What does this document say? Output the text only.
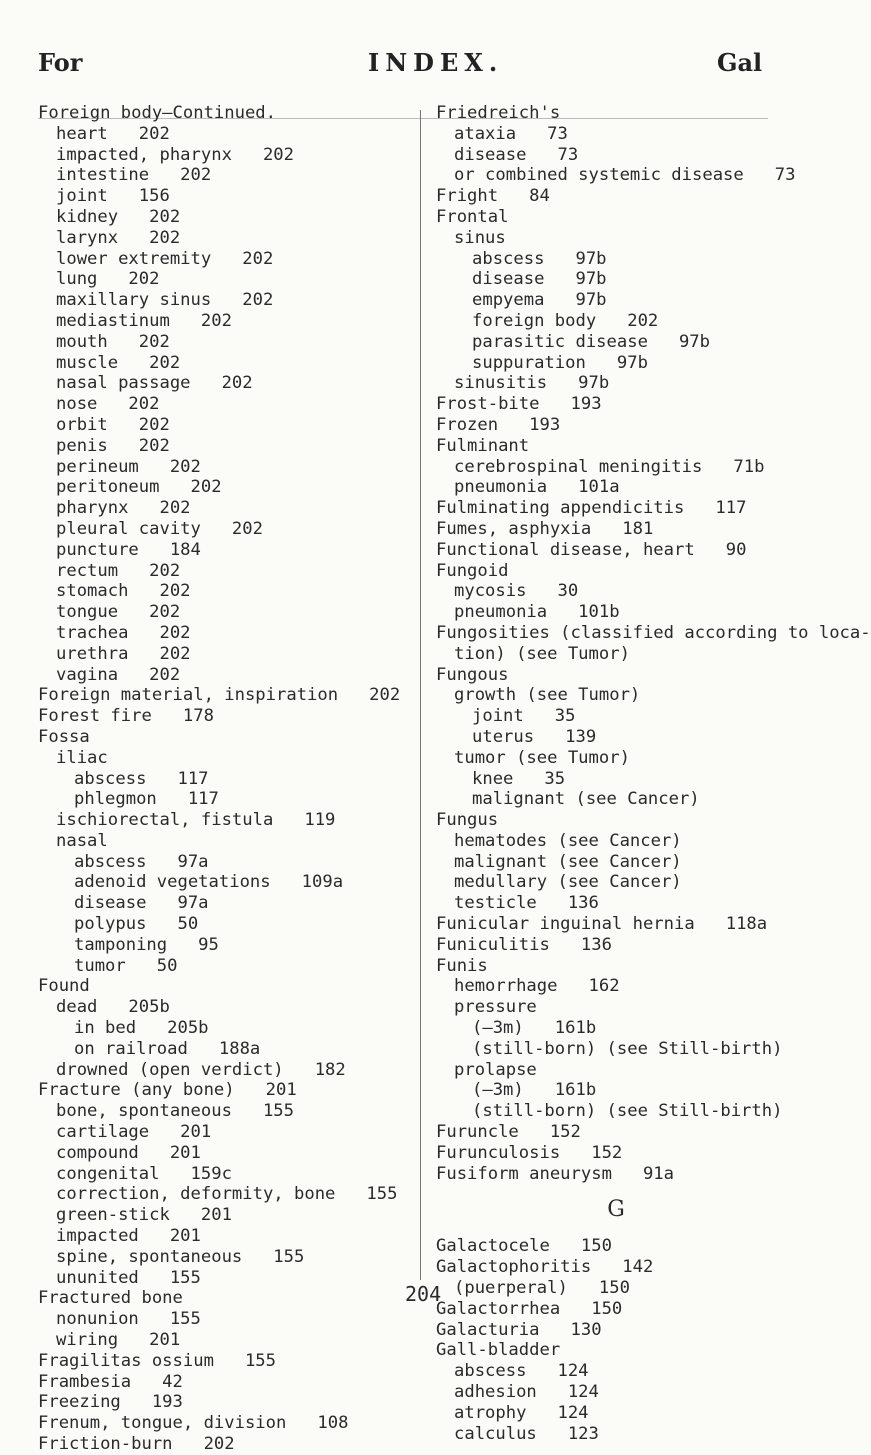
For	INDEX.	Gal
Foreign body—Continued.
heart   202
impacted, pharynx   202
intestine   202
joint   156
kidney   202
larynx   202
lower extremity   202
lung   202
maxillary sinus   202
mediastinum   202
mouth   202
muscle   202
nasal passage   202
nose   202
orbit   202
penis   202
perineum   202
peritoneum   202
pharynx   202
pleural cavity   202
puncture   184
rectum   202
stomach   202
tongue   202
trachea   202
urethra   202
vagina   202
Foreign material, inspiration   202
Forest fire   178
Fossa
iliac
abscess   117
phlegmon   117
ischiorectal, fistula   119
nasal
abscess   97a
adenoid vegetations   109a
disease   97a
polypus   50
tamponing   95
tumor   50
Found
dead   205b
in bed   205b
on railroad   188a
drowned (open verdict)   182
Fracture (any bone)   201
bone, spontaneous   155
cartilage   201
compound   201
congenital   159c
correction, deformity, bone   155
green-stick   201
impacted   201
spine, spontaneous   155
ununited   155
Fractured bone
nonunion   155
wiring   201
Fragilitas ossium   155
Frambesia   42
Freezing   193
Frenum, tongue, division   108
Friction-burn   202
Friedreich's
ataxia   73
disease   73
or combined systemic disease   73
Fright   84
Frontal
sinus
abscess   97b
disease   97b
empyema   97b
foreign body   202
parasitic disease   97b
suppuration   97b
sinusitis   97b
Frost-bite   193
Frozen   193
Fulminant
cerebrospinal meningitis   71b
pneumonia   101a
Fulminating appendicitis   117
Fumes, asphyxia   181
Functional disease, heart   90
Fungoid
mycosis   30
pneumonia   101b
Fungosities (classified according to loca-
tion) (see Tumor)
Fungous
growth (see Tumor)
joint   35
uterus   139
tumor (see Tumor)
knee   35
malignant (see Cancer)
Fungus
hematodes (see Cancer)
malignant (see Cancer)
medullary (see Cancer)
testicle   136
Funicular inguinal hernia   118a
Funiculitis   136
Funis
hemorrhage   162
pressure
(—3m)   161b
(still-born) (see Still-birth)
prolapse
(—3m)   161b
(still-born) (see Still-birth)
Furuncle   152
Furunculosis   152
Fusiform aneurysm   91a
G
Galactocele   150
Galactophoritis   142
(puerperal)   150
Galactorrhea   150
Galacturia   130
Gall-bladder
abscess   124
adhesion   124
atrophy   124
calculus   123
204
